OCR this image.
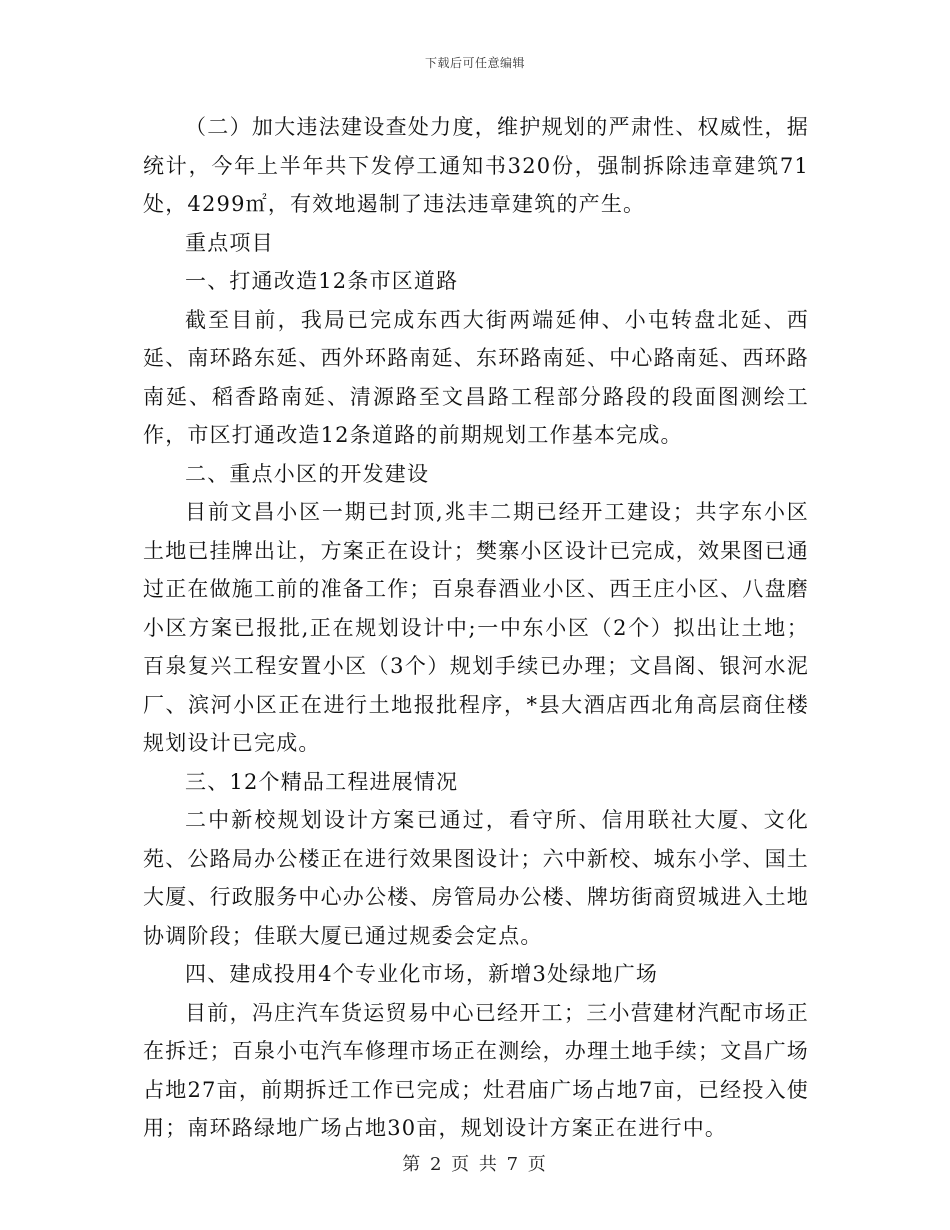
下载后可任意编辑

（二）加大违法建设查处力度，维护规划的严肃性、权威性，据统计，今年上半年共下发停工通知书320份，强制拆除违章建筑71处，4299㎡，有效地遏制了违法违章建筑的产生。

重点项目

一、打通改造12条市区道路

截至目前，我局已完成东西大街两端延伸、小屯转盘北延、西延、南环路东延、西外环路南延、东环路南延、中心路南延、西环路南延、稻香路南延、清源路至文昌路工程部分路段的段面图测绘工作，市区打通改造12条道路的前期规划工作基本完成。

二、重点小区的开发建设

目前文昌小区一期已封顶,兆丰二期已经开工建设；共字东小区土地已挂牌出让，方案正在设计；樊寨小区设计已完成，效果图已通过正在做施工前的准备工作；百泉春酒业小区、西王庄小区、八盘磨小区方案已报批,正在规划设计中;一中东小区（2个）拟出让土地；百泉复兴工程安置小区（3个）规划手续已办理；文昌阁、银河水泥厂、滨河小区正在进行土地报批程序，*县大酒店西北角高层商住楼规划设计已完成。

三、12个精品工程进展情况

二中新校规划设计方案已通过，看守所、信用联社大厦、文化苑、公路局办公楼正在进行效果图设计；六中新校、城东小学、国土大厦、行政服务中心办公楼、房管局办公楼、牌坊街商贸城进入土地协调阶段；佳联大厦已通过规委会定点。

四、建成投用4个专业化市场，新增3处绿地广场

目前，冯庄汽车货运贸易中心已经开工；三小营建材汽配市场正在拆迁；百泉小屯汽车修理市场正在测绘，办理土地手续；文昌广场占地27亩，前期拆迁工作已完成；灶君庙广场占地7亩，已经投入使用；南环路绿地广场占地30亩，规划设计方案正在进行中。

第 2 页 共 7 页
